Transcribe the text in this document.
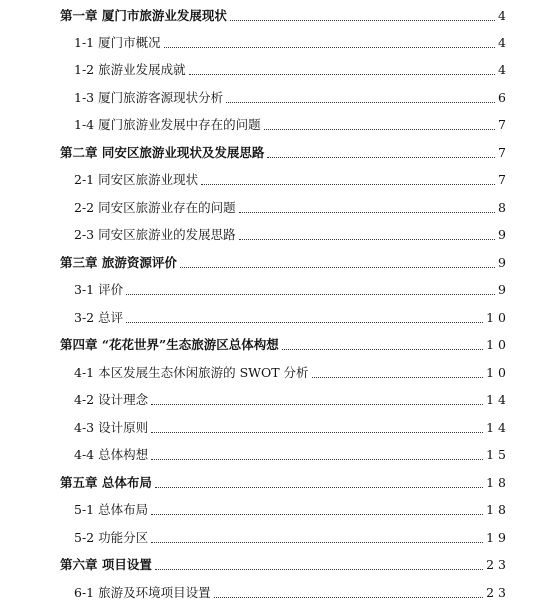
第一章 厦门市旅游业发展现状	4
1-1 厦门市概况	4
1-2 旅游业发展成就	4
1-3 厦门旅游客源现状分析	6
1-4 厦门旅游业发展中存在的问题	7
第二章 同安区旅游业现状及发展思路	7
2-1 同安区旅游业现状	7
2-2 同安区旅游业存在的问题	8
2-3 同安区旅游业的发展思路	9
第三章 旅游资源评价	9
3-1 评价	9
3-2 总评	1 0
第四章 “花花世界”生态旅游区总体构想	1 0
4-1 本区发展生态休闲旅游的 SWOT 分析	1 0
4-2 设计理念	1 4
4-3 设计原则	1 4
4-4 总体构想	1 5
第五章 总体布局	1 8
5-1 总体布局	1 8
5-2 功能分区	1 9
第六章 项目设置	2 3
6-1 旅游及环境项目设置	2 3
